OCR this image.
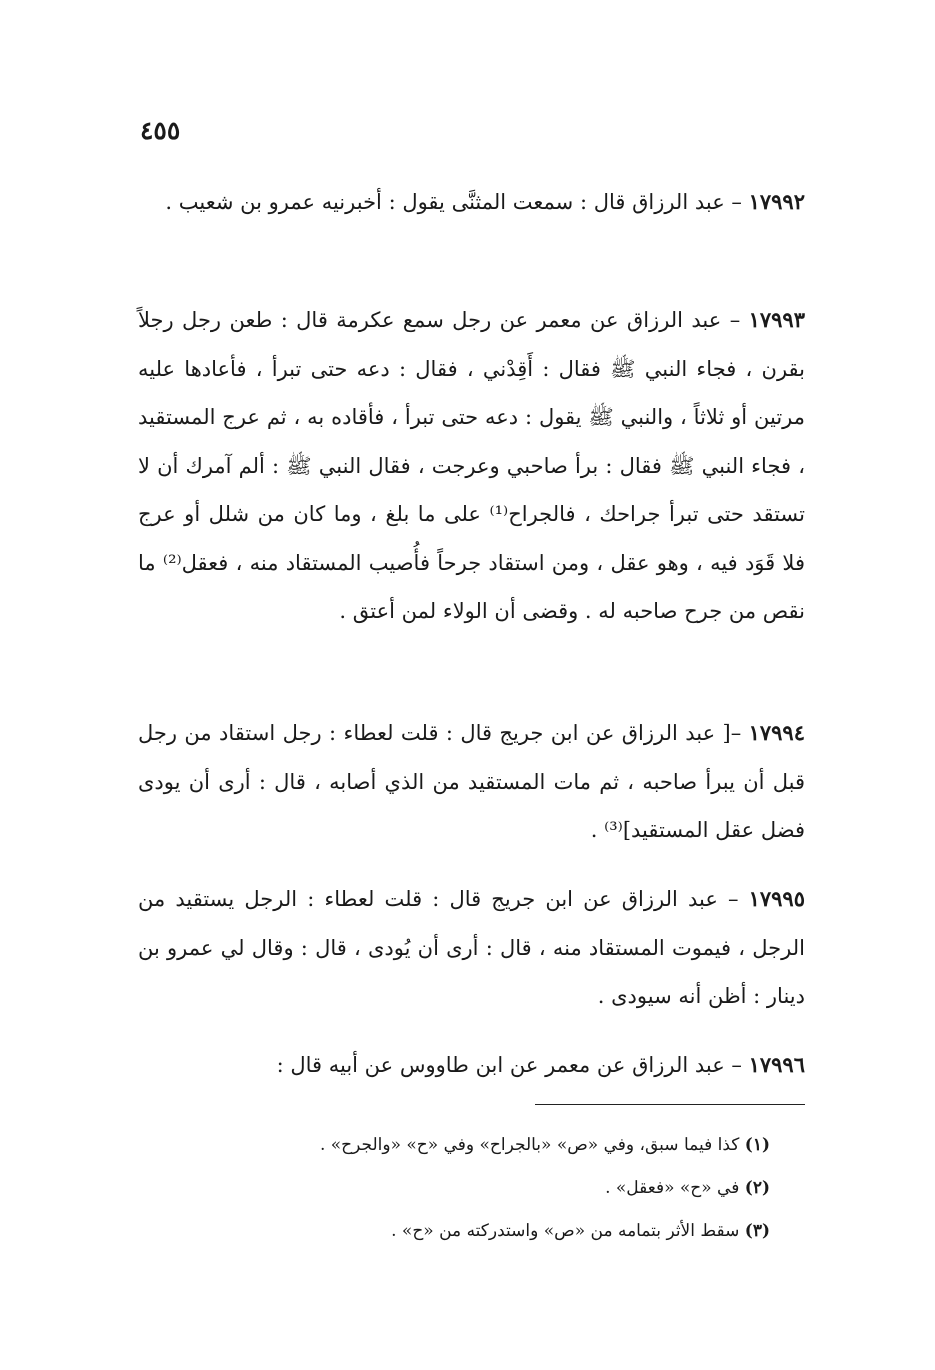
٤٥٥

١٧٩٩٢ – عبد الرزاق قال : سمعت المثنَّى يقول : أخبرنيه عمرو بن شعيب .

١٧٩٩٣ – عبد الرزاق عن معمر عن رجل سمع عكرمة قال : طعن رجل رجلاً بقرن ، فجاء النبي ﷺ فقال : أَقِدْني ، فقال : دعه حتى تبرأ ، فأعادها عليه مرتين أو ثلاثاً ، والنبي ﷺ يقول : دعه حتى تبرأ ، فأقاده به ، ثم عرج المستقيد ، فجاء النبي ﷺ فقال : برأ صاحبي وعرجت ، فقال النبي ﷺ : ألم آمرك أن لا تستقد حتى تبرأ جراحك ، فالجراح⁽¹⁾ على ما بلغ ، وما كان من شلل أو عرج فلا قَوَد فيه ، وهو عقل ، ومن استقاد جرحاً فأُصيب المستقاد منه ، فعقل⁽²⁾ ما نقص من جرح صاحبه له . وقضى أن الولاء لمن أعتق .

١٧٩٩٤ –[ عبد الرزاق عن ابن جريج قال : قلت لعطاء : رجل استقاد من رجل قبل أن يبرأ صاحبه ، ثم مات المستقيد من الذي أصابه ، قال : أرى أن يودى فضل عقل المستقيد]⁽³⁾ .

١٧٩٩٥ – عبد الرزاق عن ابن جريج قال : قلت لعطاء : الرجل يستقيد من الرجل ، فيموت المستقاد منه ، قال : أرى أن يُودى ، قال : وقال لي عمرو بن دينار : أظن أنه سيودى .

١٧٩٩٦ – عبد الرزاق عن معمر عن ابن طاووس عن أبيه قال :

(١) كذا فيما سبق، وفي «ص» «بالجراح» وفي «ح» «والجرح» .

(٢) في «ح» «فعقل» .

(٣) سقط الأثر بتمامه من «ص» واستدركته من «ح» .
